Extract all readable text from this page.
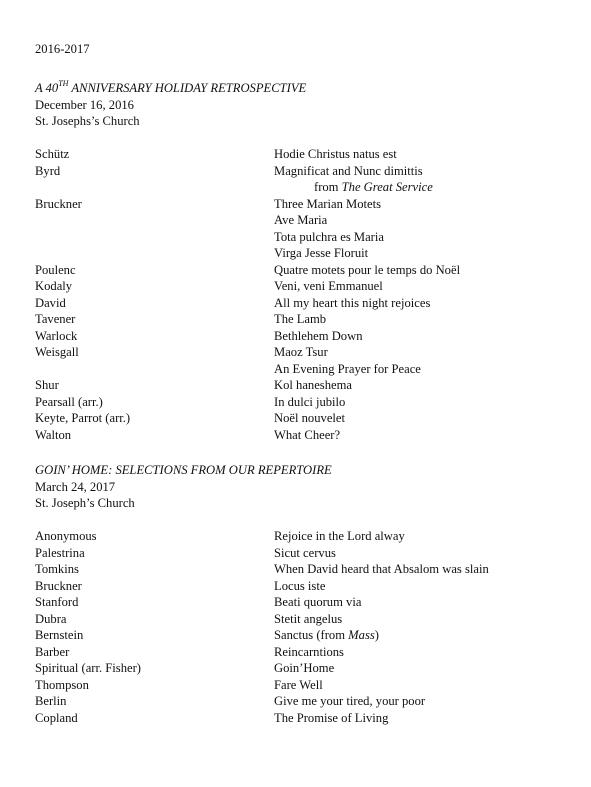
2016-2017
A 40TH ANNIVERSARY HOLIDAY RETROSPECTIVE
December 16, 2016
St. Josephs’s Church
Schütz	Hodie Christus natus est
Byrd	Magnificat and Nunc dimittis
from The Great Service
Bruckner	Three Marian Motets
Ave Maria
Tota pulchra es Maria
Virga Jesse Floruit
Poulenc	Quatre motets pour le temps do Noël
Kodaly	Veni, veni Emmanuel
David	All my heart this night rejoices
Tavener	The Lamb
Warlock	Bethlehem Down
Weisgall	Maoz Tsur
An Evening Prayer for Peace
Shur	Kol haneshema
Pearsall (arr.)	In dulci jubilo
Keyte, Parrot (arr.)	Noël nouvelet
Walton	What Cheer?
GOIN’ HOME: SELECTIONS FROM OUR REPERTOIRE
March 24, 2017
St. Joseph’s Church
Anonymous	Rejoice in the Lord alway
Palestrina	Sicut cervus
Tomkins	When David heard that Absalom was slain
Bruckner	Locus iste
Stanford	Beati quorum via
Dubra	Stetit angelus
Bernstein	Sanctus (from Mass)
Barber	Reincarntions
Spiritual (arr. Fisher)	Goin’Home
Thompson	Fare Well
Berlin	Give me your tired, your poor
Copland	The Promise of Living
